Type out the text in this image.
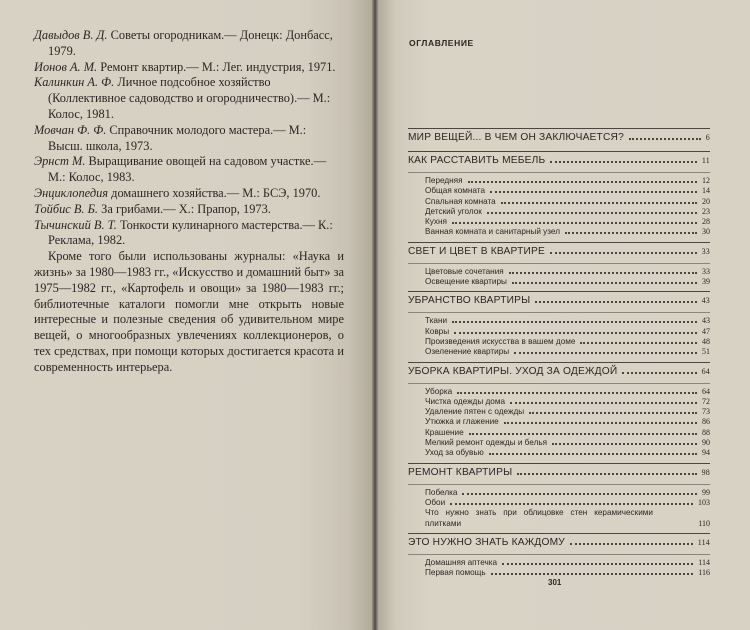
Давыдов В. Д. Советы огородникам.— Донецк: Донбасс, 1979.

Ионов А. М. Ремонт квартир.— М.: Лег. индустрия, 1971.

Калинкин А. Ф. Личное подсобное хозяйство (Коллективное садоводство и огородничество).— М.: Колос, 1981.

Мовчан Ф. Ф. Справочник молодого мастера.— М.: Высш. школа, 1973.

Эрнст М. Выращивание овощей на садовом участке.— М.: Колос, 1983.

Энциклопедия домашнего хозяйства.— М.: БСЭ, 1970.

Тойбис В. Б. За грибами.— Х.: Прапор, 1973.

Тычинский В. Т. Тонкости кулинарного мастерства.— К.: Реклама, 1982.

Кроме того были использованы журналы: «Наука и жизнь» за 1980—1983 гг., «Искусство и домашний быт» за 1975—1982 гг., «Картофель и овощи» за 1980—1983 гг.; библиотечные каталоги помогли мне открыть новые интересные и полезные сведения об удивительном мире вещей, о многообразных увлечениях коллекционеров, о тех средствах, при помощи которых достигается красота и современность интерьера.

ОГЛАВЛЕНИЕ
МИР ВЕЩЕЙ... В ЧЕМ ОН ЗАКЛЮЧАЕТСЯ?	6
КАК РАССТАВИТЬ МЕБЕЛЬ	11
Передняя	12
Общая комната	14
Спальная комната	20
Детский уголок	23
Кухня	28
Ванная комната и санитарный узел	30
СВЕТ И ЦВЕТ В КВАРТИРЕ	33
Цветовые сочетания	33
Освещение квартиры	39
УБРАНСТВО КВАРТИРЫ	43
Ткани	43
Ковры	47
Произведения искусства в вашем доме	48
Озеленение квартиры	51
УБОРКА КВАРТИРЫ. УХОД ЗА ОДЕЖДОЙ	64
Уборка	64
Чистка одежды дома	72
Удаление пятен с одежды	73
Утюжка и глажение	86
Крашение	88
Мелкий ремонт одежды и белья	90
Уход за обувью	94
РЕМОНТ КВАРТИРЫ	98
Побелка	99
Обои	103
Что нужно знать при облицовке стен керамическими плитками	110
ЭТО НУЖНО ЗНАТЬ КАЖДОМУ	114
Домашняя аптечка	114
Первая помощь	116
301
